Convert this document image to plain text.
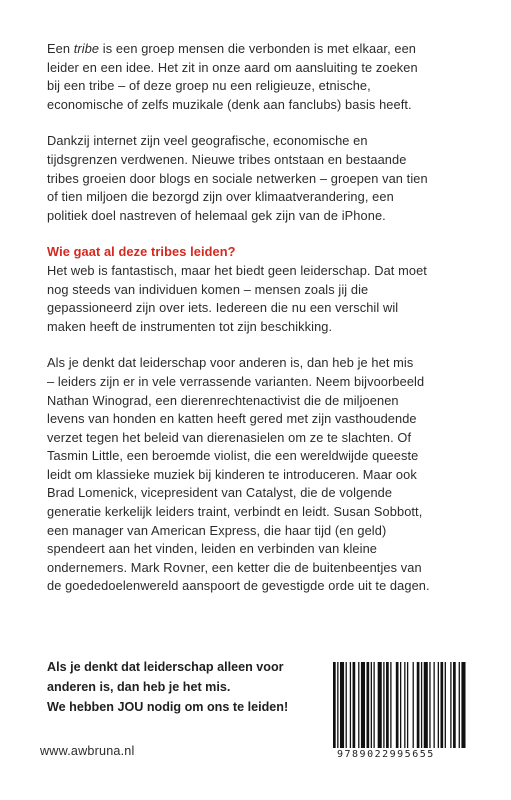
Een tribe is een groep mensen die verbonden is met elkaar, een
leider en een idee. Het zit in onze aard om aansluiting te zoeken
bij een tribe – of deze groep nu een religieuze, etnische,
economische of zelfs muzikale (denk aan fanclubs) basis heeft.

Dankzij internet zijn veel geografische, economische en
tijdsgrenzen verdwenen. Nieuwe tribes ontstaan en bestaande
tribes groeien door blogs en sociale netwerken – groepen van tien
of tien miljoen die bezorgd zijn over klimaatverandering, een
politiek doel nastreven of helemaal gek zijn van de iPhone.

Wie gaat al deze tribes leiden?
Het web is fantastisch, maar het biedt geen leiderschap. Dat moet
nog steeds van individuen komen – mensen zoals jij die
gepassioneerd zijn over iets. Iedereen die nu een verschil wil
maken heeft de instrumenten tot zijn beschikking.

Als je denkt dat leiderschap voor anderen is, dan heb je het mis
– leiders zijn er in vele verrassende varianten. Neem bijvoorbeeld
Nathan Winograd, een dierenrechtenactivist die de miljoenen
levens van honden en katten heeft gered met zijn vasthoudende
verzet tegen het beleid van dierenasielen om ze te slachten. Of
Tasmin Little, een beroemde violist, die een wereldwijde queeste
leidt om klassieke muziek bij kinderen te introduceren. Maar ook
Brad Lomenick, vicepresident van Catalyst, die de volgende
generatie kerkelijk leiders traint, verbindt en leidt. Susan Sobbott,
een manager van American Express, die haar tijd (en geld)
spendeert aan het vinden, leiden en verbinden van kleine
ondernemers. Mark Rovner, een ketter die de buitenbeentjes van
de goededoelenwereld aanspoort de gevestigde orde uit te dagen.

Als je denkt dat leiderschap alleen voor
anderen is, dan heb je het mis.
We hebben JOU nodig om ons te leiden!
www.awbruna.nl	9789022995655
